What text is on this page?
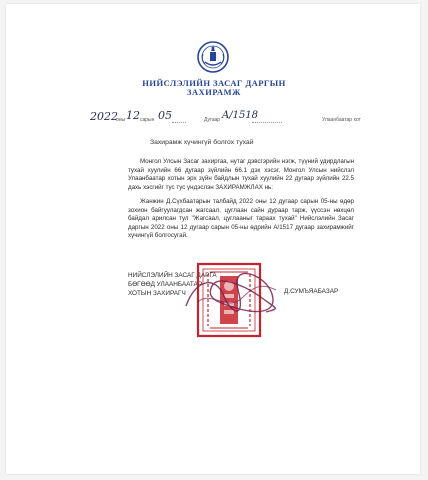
НИЙСЛЭЛИЙН ЗАСАГ ДАРГЫН
ЗАХИРАМЖ
2022
оны 12 сарын 05	Дугаар A/1518	Улаанбаатар хот
Захирамж хүчингүй болгох тухай
Монгол Улсын Засаг захиргаа, нутаг дэвсгэрийн нэгж, түүний удирдлагын тухай хуулийн 66 дугаар зүйлийн 66.1 дэх хэсэг, Монгол Улсын нийслэл Улаанбаатар хотын эрх зүйн байдлын тухай хуулийн 22 дугаар зүйлийн 22.5 дахь хэсгийг тус тус үндэслэн ЗАХИРАМЖЛАХ нь:
Жанжин Д.Сүхбаатарын талбайд 2022 оны 12 дугаар сарын 05-ны өдөр зохион байгуулагдсан жагсаал, цуглаан сайн дураар тарж, үүссэн нөхцөл байдал арилсан тул "Жагсаал, цуглааныг тараах тухай" Нийслэлийн Засаг даргын 2022 оны 12 дугаар сарын 05-ны өдрийн А/1517 дугаар захирамжийг хүчингүй болгосугай.
НИЙСЛЭЛИЙН ЗАСАГ ДАРГА
БӨГӨӨД УЛААНБААТАР
ХОТЫН ЗАХИРАГЧ	Д.СУМЪЯАБАЗАР
